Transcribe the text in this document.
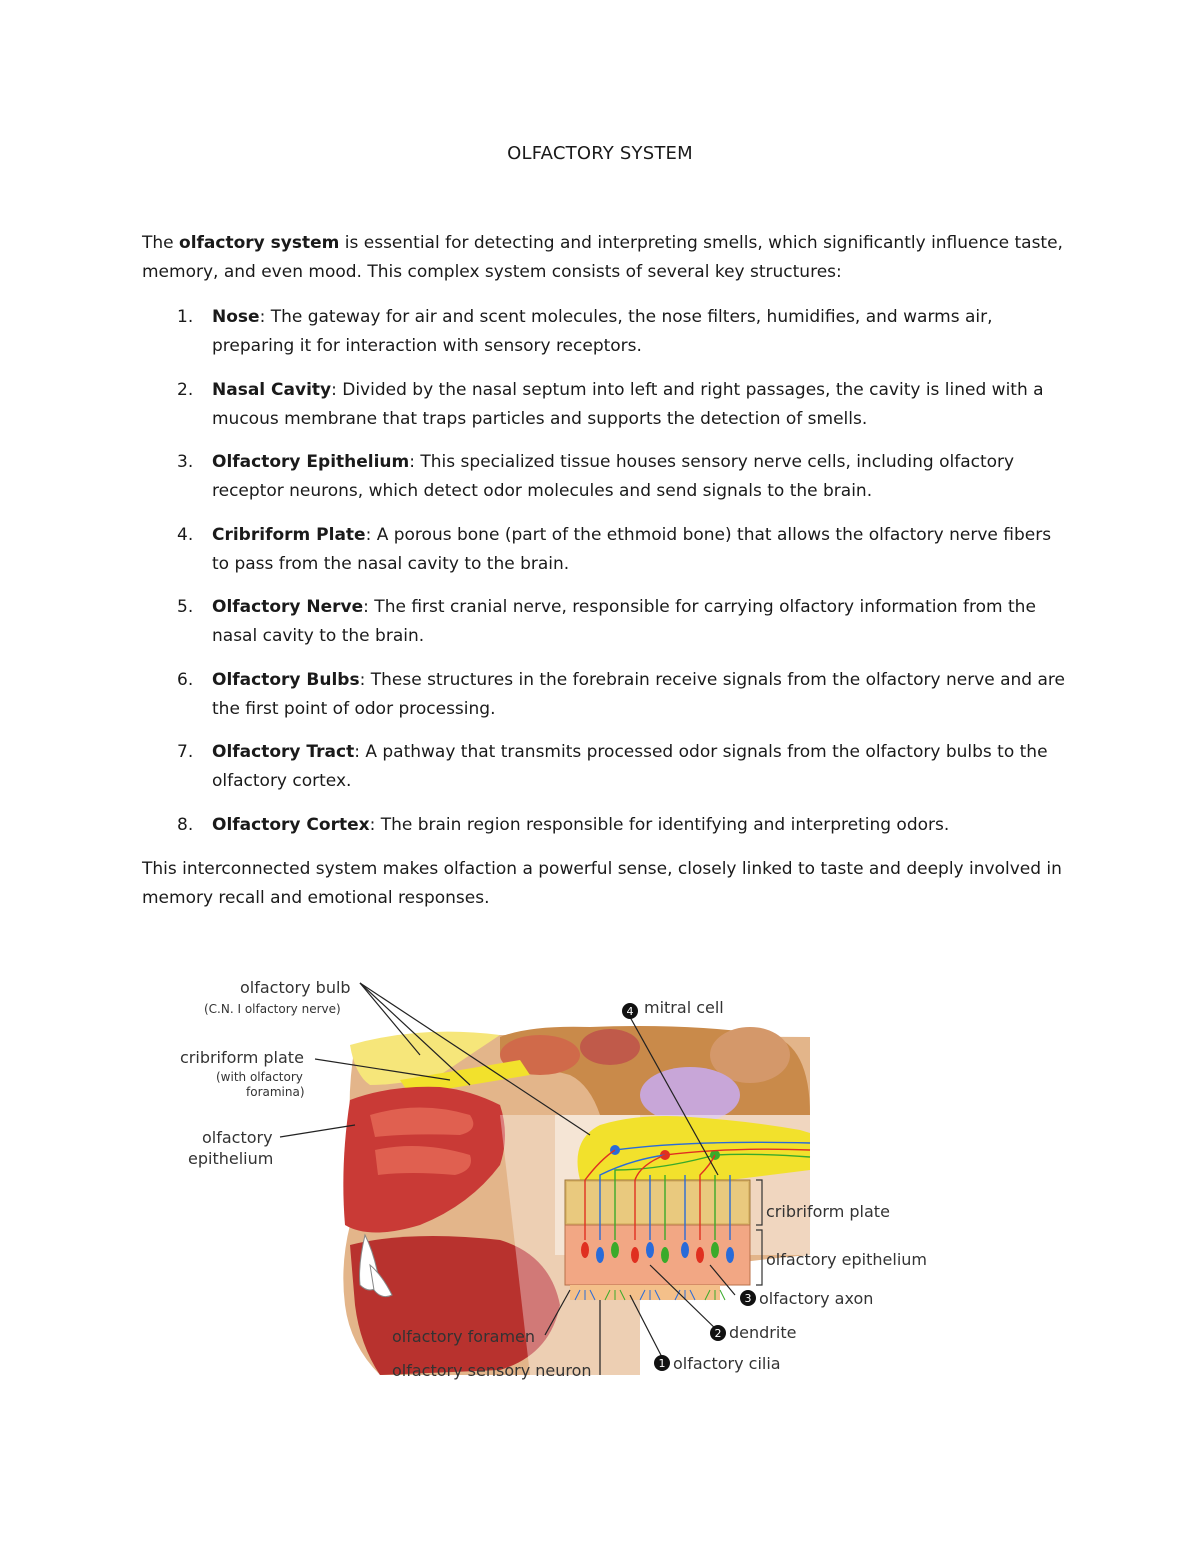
OLFACTORY SYSTEM

The olfactory system is essential for detecting and interpreting smells, which significantly influence taste, memory, and even mood. This complex system consists of several key structures:

1. Nose: The gateway for air and scent molecules, the nose filters, humidifies, and warms air, preparing it for interaction with sensory receptors.
2. Nasal Cavity: Divided by the nasal septum into left and right passages, the cavity is lined with a mucous membrane that traps particles and supports the detection of smells.
3. Olfactory Epithelium: This specialized tissue houses sensory nerve cells, including olfactory receptor neurons, which detect odor molecules and send signals to the brain.
4. Cribriform Plate: A porous bone (part of the ethmoid bone) that allows the olfactory nerve fibers to pass from the nasal cavity to the brain.
5. Olfactory Nerve: The first cranial nerve, responsible for carrying olfactory information from the nasal cavity to the brain.
6. Olfactory Bulbs: These structures in the forebrain receive signals from the olfactory nerve and are the first point of odor processing.
7. Olfactory Tract: A pathway that transmits processed odor signals from the olfactory bulbs to the olfactory cortex.
8. Olfactory Cortex: The brain region responsible for identifying and interpreting odors.

This interconnected system makes olfaction a powerful sense, closely linked to taste and deeply involved in memory recall and emotional responses.

4
3
2
1
olfactory bulb
(C.N. I olfactory nerve)
cribriform plate
(with olfactory
foramina)
olfactory
epithelium
mitral cell
cribriform plate
olfactory epithelium
olfactory axon
dendrite
olfactory cilia
olfactory foramen
olfactory sensory neuron
